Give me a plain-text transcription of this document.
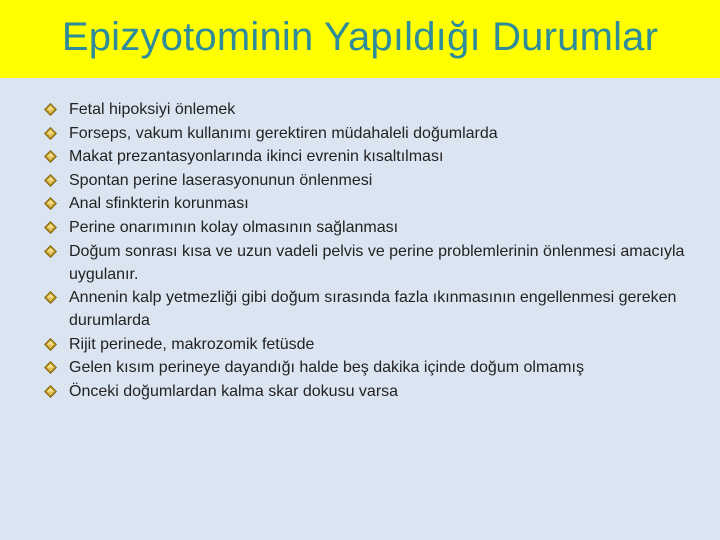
Epizyotominin Yapıldığı Durumlar
Fetal hipoksiyi önlemek
Forseps, vakum kullanımı gerektiren müdahaleli doğumlarda
Makat prezantasyonlarında ikinci evrenin kısaltılması
Spontan perine laserasyonunun önlenmesi
Anal sfinkterin korunması
Perine onarımının kolay olmasının sağlanması
Doğum sonrası kısa ve uzun vadeli pelvis ve perine problemlerinin önlenmesi amacıyla uygulanır.
Annenin kalp yetmezliği gibi doğum sırasında fazla ıkınmasının engellenmesi gereken durumlarda
Rijit perinede, makrozomik fetüsde
Gelen kısım perineye dayandığı halde beş dakika içinde doğum olmamış
Önceki doğumlardan kalma skar dokusu varsa
